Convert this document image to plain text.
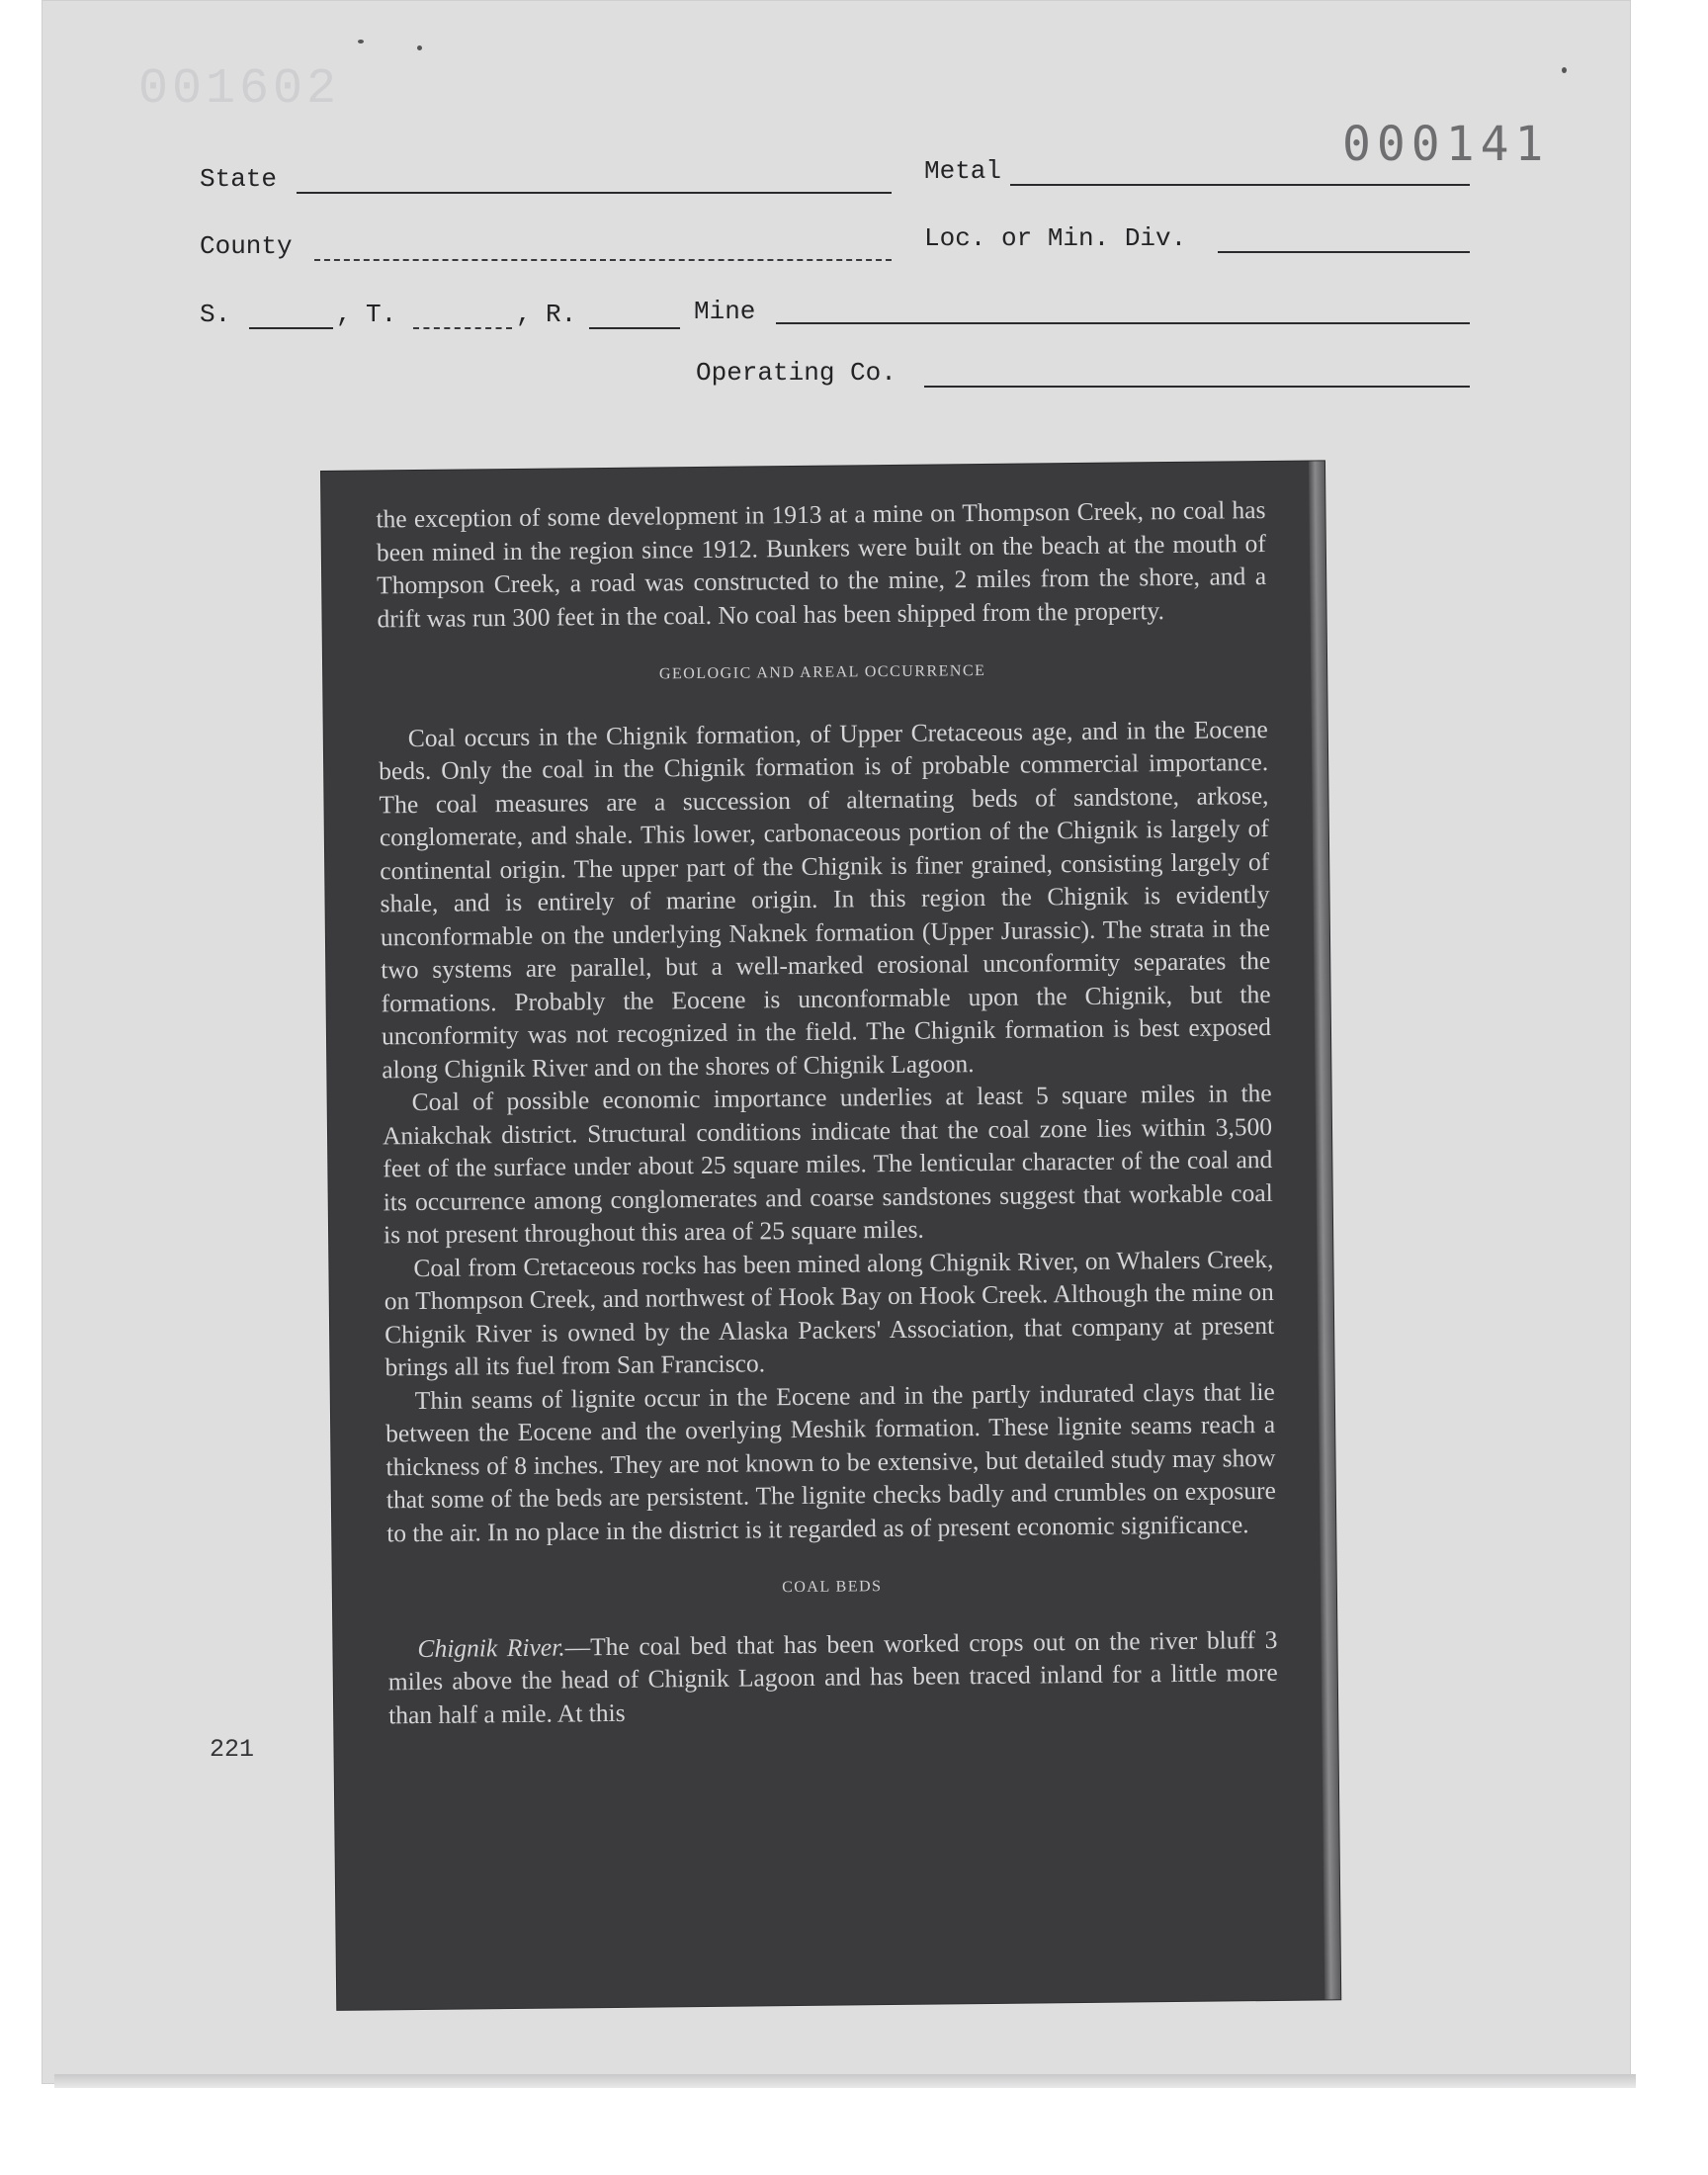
001602
000141
State	Metal
County	Loc. or Min. Div.
S.	, T.	, R.	Mine
Operating Co.

the exception of some development in 1913 at a mine on Thompson Creek, no coal has been mined in the region since 1912. Bunkers were built on the beach at the mouth of Thompson Creek, a road was constructed to the mine, 2 miles from the shore, and a drift was run 300 feet in the coal. No coal has been shipped from the property.

GEOLOGIC AND AREAL OCCURRENCE

Coal occurs in the Chignik formation, of Upper Cretaceous age, and in the Eocene beds. Only the coal in the Chignik formation is of probable commercial importance. The coal measures are a succession of alternating beds of sandstone, arkose, conglomerate, and shale. This lower, carbonaceous portion of the Chignik is largely of continental origin. The upper part of the Chignik is finer grained, consisting largely of shale, and is entirely of marine origin. In this region the Chignik is evidently unconformable on the underlying Naknek formation (Upper Jurassic). The strata in the two systems are parallel, but a well-marked erosional unconformity separates the formations. Probably the Eocene is unconformable upon the Chignik, but the unconformity was not recognized in the field. The Chignik formation is best exposed along Chignik River and on the shores of Chignik Lagoon.

Coal of possible economic importance underlies at least 5 square miles in the Aniakchak district. Structural conditions indicate that the coal zone lies within 3,500 feet of the surface under about 25 square miles. The lenticular character of the coal and its occurrence among conglomerates and coarse sandstones suggest that workable coal is not present throughout this area of 25 square miles.

Coal from Cretaceous rocks has been mined along Chignik River, on Whalers Creek, on Thompson Creek, and northwest of Hook Bay on Hook Creek. Although the mine on Chignik River is owned by the Alaska Packers' Association, that company at present brings all its fuel from San Francisco.

Thin seams of lignite occur in the Eocene and in the partly indurated clays that lie between the Eocene and the overlying Meshik formation. These lignite seams reach a thickness of 8 inches. They are not known to be extensive, but detailed study may show that some of the beds are persistent. The lignite checks badly and crumbles on exposure to the air. In no place in the district is it regarded as of present economic significance.

COAL BEDS

Chignik River.—The coal bed that has been worked crops out on the river bluff 3 miles above the head of Chignik Lagoon and has been traced inland for a little more than half a mile. At this

221
